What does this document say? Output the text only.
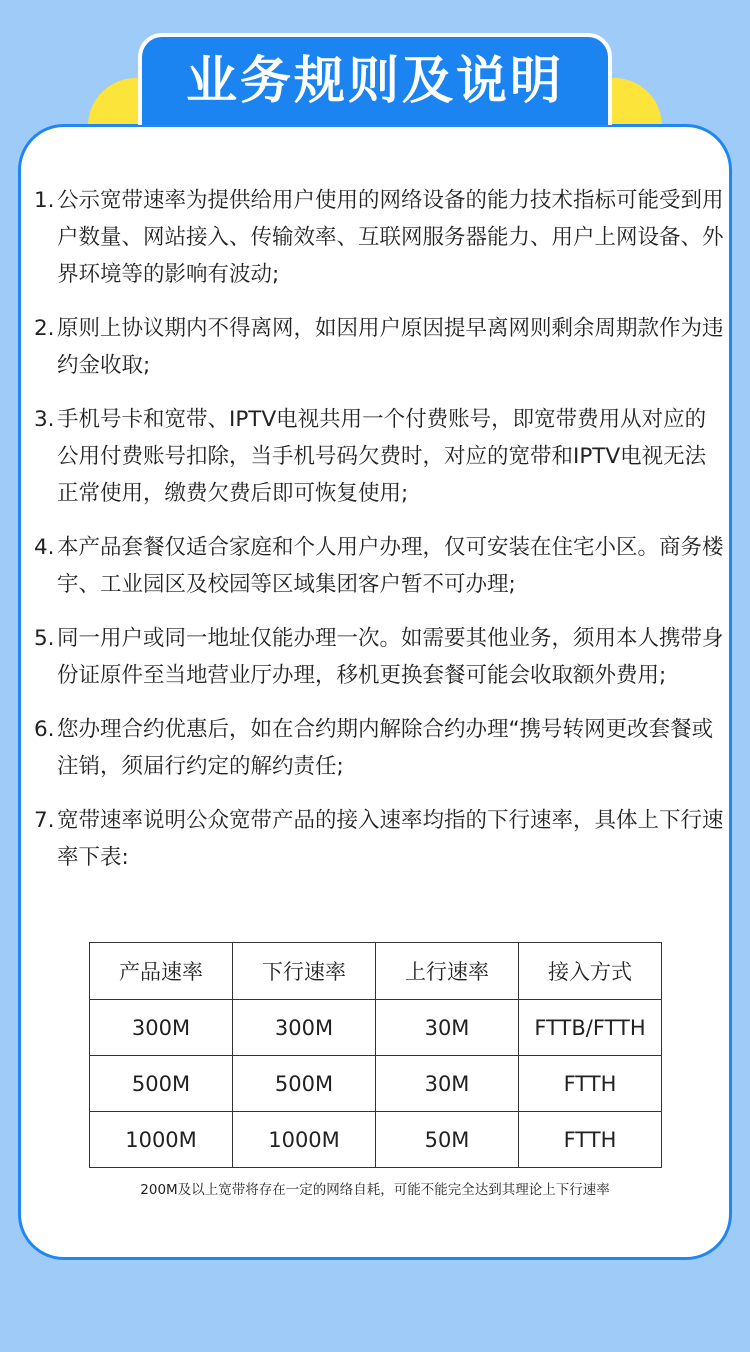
业务规则及说明
1. 公示宽带速率为提供给用户使用的网络设备的能力技术指标可能受到用户数量、网站接入、传输效率、互联网服务器能力、用户上网设备、外界环境等的影响有波动;
2. 原则上协议期内不得离网，如因用户原因提早离网则剩余周期款作为违约金收取;
3. 手机号卡和宽带、IPTV电视共用一个付费账号，即宽带费用从对应的公用付费账号扣除，当手机号码欠费时，对应的宽带和IPTV电视无法正常使用，缴费欠费后即可恢复使用;
4. 本产品套餐仅适合家庭和个人用户办理，仅可安装在住宅小区。商务楼宇、工业园区及校园等区域集团客户暂不可办理;
5. 同一用户或同一地址仅能办理一次。如需要其他业务，须用本人携带身份证原件至当地营业厅办理，移机更换套餐可能会收取额外费用;
6. 您办理合约优惠后，如在合约期内解除合约办理“携号转网更改套餐或注销，须届行约定的解约责任;
7. 宽带速率说明公众宽带产品的接入速率均指的下行速率，具体上下行速率下表:
产品速率	下行速率	上行速率	接入方式
300M	300M	30M	FTTB/FTTH
500M	500M	30M	FTTH
1000M	1000M	50M	FTTH
200M及以上宽带将存在一定的网络自耗，可能不能完全达到其理论上下行速率
